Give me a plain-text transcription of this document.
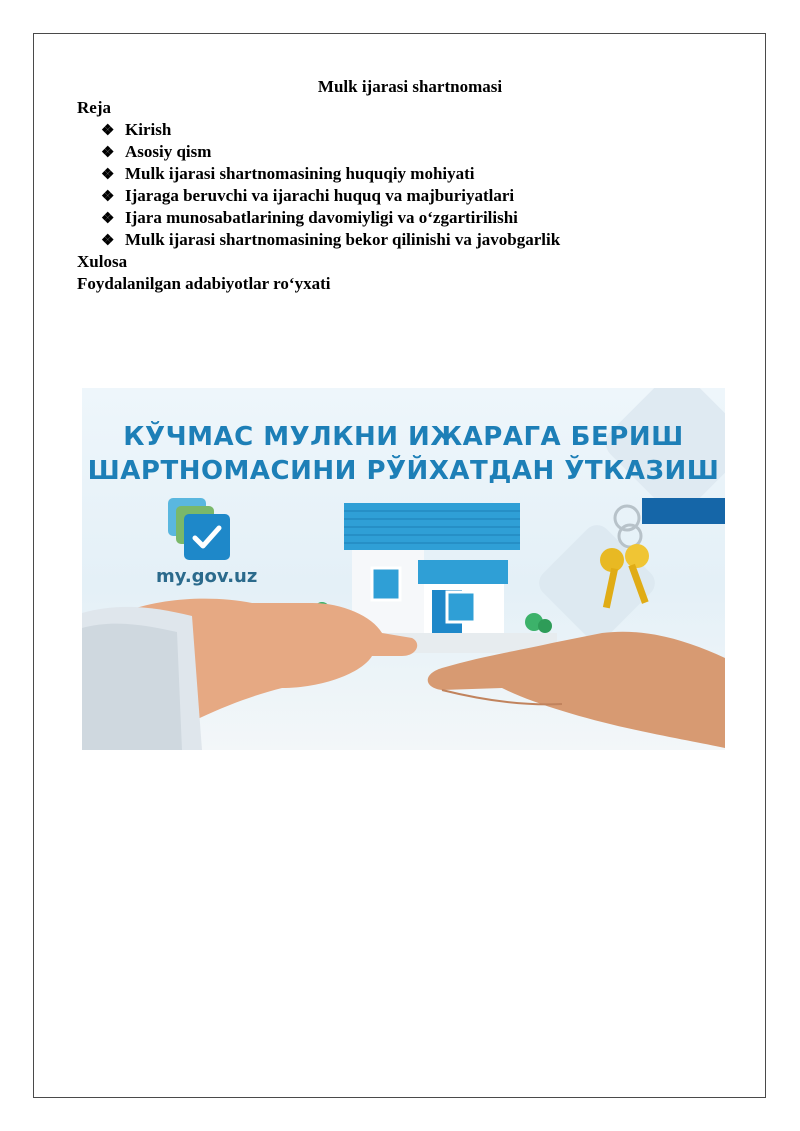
Mulk ijarasi shartnomasi
Reja
❖ Kirish
❖ Asosiy qism
❖ Mulk ijarasi shartnomasining huquqiy mohiyati
❖ Ijaraga beruvchi va ijarachi huquq va majburiyatlari
❖ Ijara munosabatlarining davomiyligi va o‘zgartirilishi
❖ Mulk ijarasi shartnomasining bekor qilinishi va javobgarlik
Xulosa
Foydalanilgan adabiyotlar ro‘yxati
КЎЧМАС МУЛКНИ ИЖАРАГА БЕРИШ
ШАРТНОМАСИНИ РЎЙХАТДАН ЎТКАЗИШ
my.gov.uz
